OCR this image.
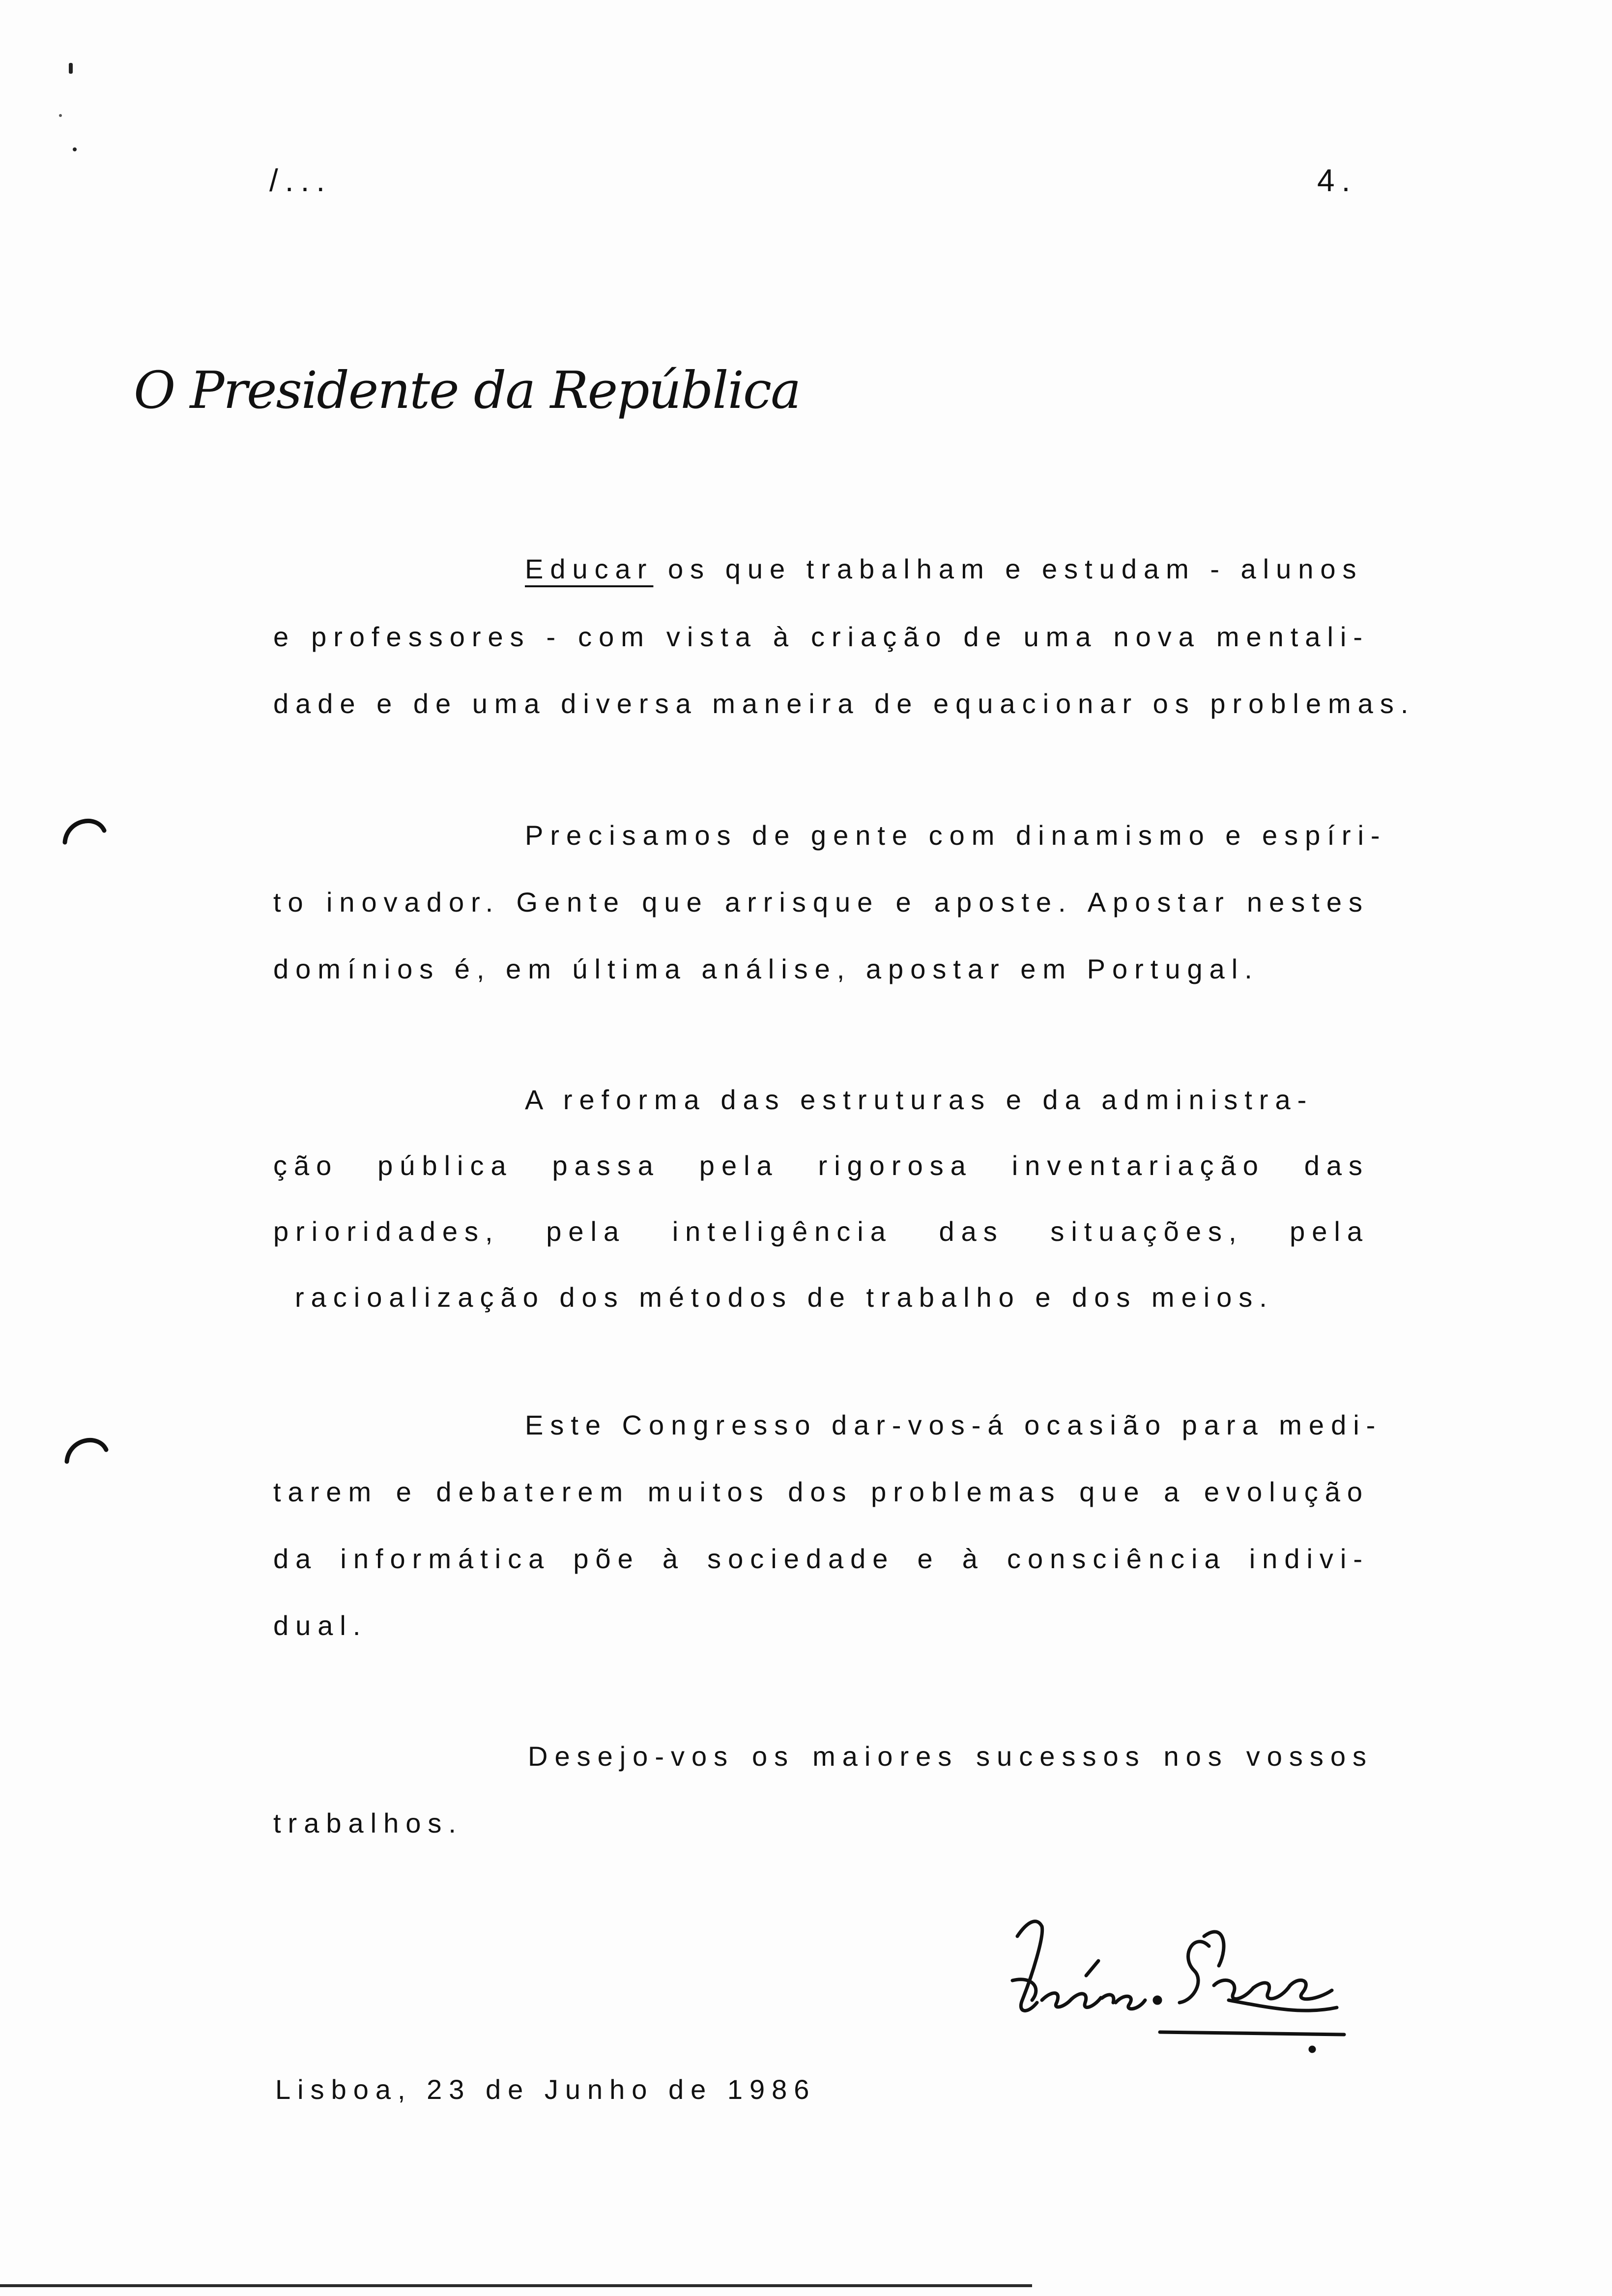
/...	4.
O Presidente da República
Educar os que trabalham e estudam - alunos
e professores - com vista à criação de uma nova mentali-
dade e de uma diversa maneira de equacionar os problemas.
Precisamos de gente com dinamismo e espíri-
to inovador. Gente que arrisque e aposte. Apostar nestes
domínios é, em última análise, apostar em Portugal.
A reforma das estruturas e da administra-
ção pública passa pela rigorosa inventariação das
prioridades, pela inteligência das situações, pela
racioalização dos métodos de trabalho e dos meios.
Este Congresso dar-vos-á ocasião para medi-
tarem e debaterem muitos dos problemas que a evolução
da informática põe à sociedade e à consciência indivi-
dual.
Desejo-vos os maiores sucessos nos vossos
trabalhos.
Lisboa, 23 de Junho de 1986
